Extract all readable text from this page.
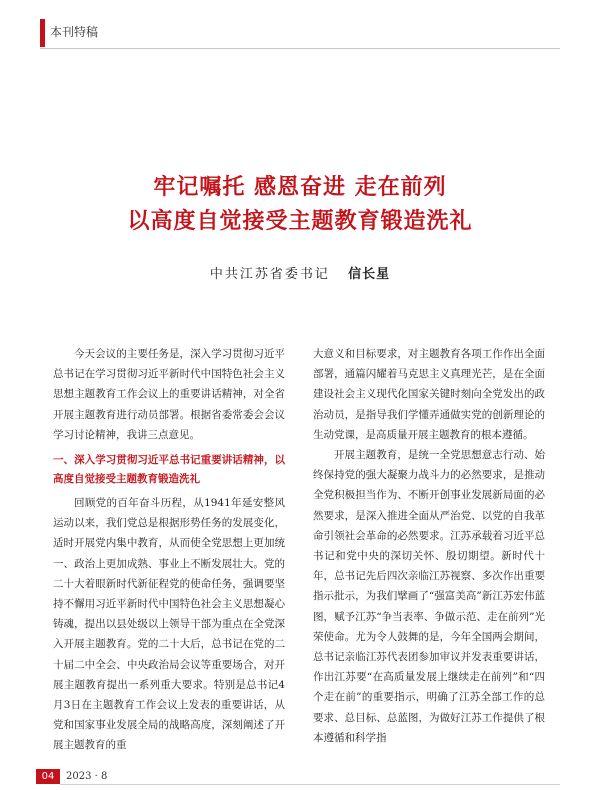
本刊特稿
牢记嘱托 感恩奋进 走在前列
以高度自觉接受主题教育锻造洗礼
中共江苏省委书记 信长星

今天会议的主要任务是，深入学习贯彻习近平总书记在学习贯彻习近平新时代中国特色社会主义思想主题教育工作会议上的重要讲话精神，对全省开展主题教育进行动员部署。根据省委常委会会议学习讨论精神，我讲三点意见。

一、深入学习贯彻习近平总书记重要讲话精神，以高度自觉接受主题教育锻造洗礼

回顾党的百年奋斗历程，从1941年延安整风运动以来，我们党总是根据形势任务的发展变化，适时开展党内集中教育，从而使全党思想上更加统一、政治上更加成熟、事业上不断发展壮大。党的二十大着眼新时代新征程党的使命任务，强调要坚持不懈用习近平新时代中国特色社会主义思想凝心铸魂，提出以县处级以上领导干部为重点在全党深入开展主题教育。党的二十大后，总书记在党的二十届二中全会、中央政治局会议等重要场合，对开展主题教育提出一系列重大要求。特别是总书记4月3日在主题教育工作会议上发表的重要讲话，从党和国家事业发展全局的战略高度，深刻阐述了开展主题教育的重

大意义和目标要求，对主题教育各项工作作出全面部署，通篇闪耀着马克思主义真理光芒，是在全面建设社会主义现代化国家关键时刻向全党发出的政治动员，是指导我们学懂弄通做实党的创新理论的生动党课，是高质量开展主题教育的根本遵循。

开展主题教育，是统一全党思想意志行动、始终保持党的强大凝聚力战斗力的必然要求，是推动全党积极担当作为、不断开创事业发展新局面的必然要求，是深入推进全面从严治党、以党的自我革命引领社会革命的必然要求。江苏承载着习近平总书记和党中央的深切关怀、殷切期望。新时代十年，总书记先后四次亲临江苏视察、多次作出重要指示批示，为我们擘画了“强富美高”新江苏宏伟蓝图，赋予江苏“争当表率、争做示范、走在前列”光荣使命。尤为令人鼓舞的是，今年全国两会期间，总书记亲临江苏代表团参加审议并发表重要讲话，作出江苏要“在高质量发展上继续走在前列”和“四个走在前”的重要指示，明确了江苏全部工作的总要求、总目标、总蓝图，为做好江苏工作提供了根本遵循和科学指

04	2023 · 8
